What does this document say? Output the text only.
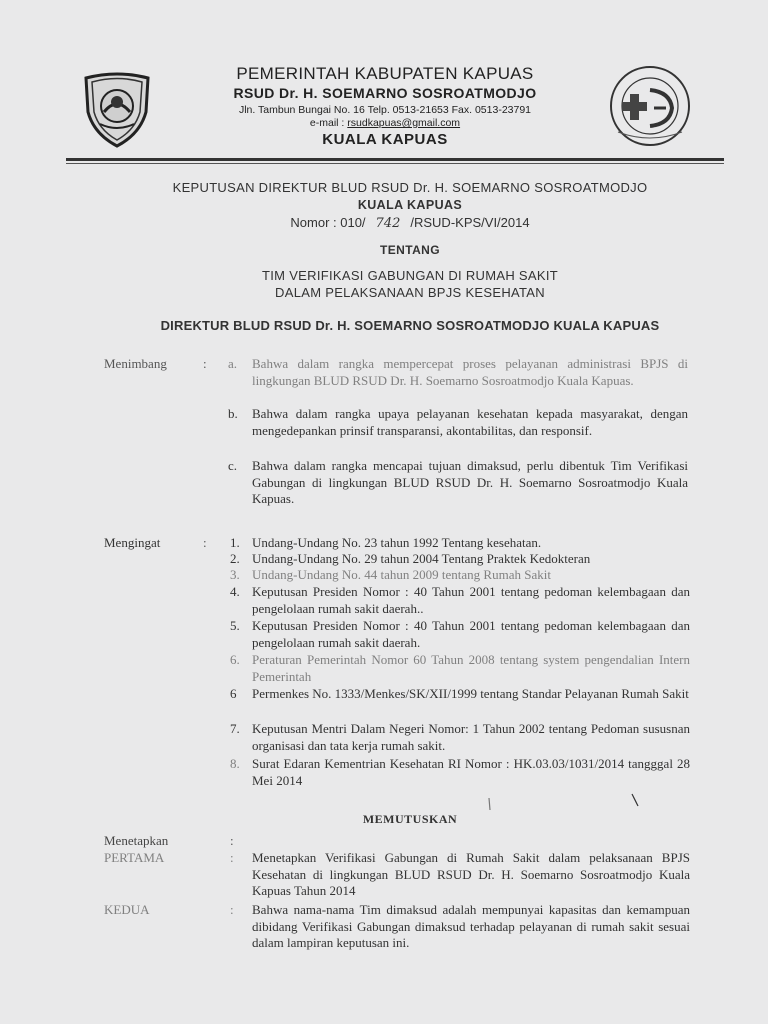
PEMERINTAH KABUPATEN KAPUAS
RSUD Dr. H. SOEMARNO SOSROATMODJO
Jln. Tambun Bungai No. 16 Telp. 0513-21653 Fax. 0513-23791
e-mail : rsudkapuas@gmail.com
KUALA KAPUAS
KEPUTUSAN DIREKTUR BLUD RSUD Dr. H. SOEMARNO SOSROATMODJO
KUALA KAPUAS
Nomor : 010/ 742 /RSUD-KPS/VI/2014
TENTANG
TIM VERIFIKASI GABUNGAN DI RUMAH SAKIT
DALAM PELAKSANAAN BPJS KESEHATAN
DIREKTUR BLUD RSUD Dr. H. SOEMARNO SOSROATMODJO KUALA KAPUAS
Menimbang	: a. Bahwa dalam rangka mempercepat proses pelayanan administrasi BPJS di lingkungan BLUD RSUD Dr. H. Soemarno Sosroatmodjo Kuala Kapuas.
b. Bahwa dalam rangka upaya pelayanan kesehatan kepada masyarakat, dengan mengedepankan prinsif transparansi, akontabilitas, dan responsif.
c. Bahwa dalam rangka mencapai tujuan dimaksud, perlu dibentuk Tim Verifikasi Gabungan di lingkungan BLUD RSUD Dr. H. Soemarno Sosroatmodjo Kuala Kapuas.
Mengingat	: 1. Undang-Undang No. 23 tahun 1992 Tentang kesehatan.
2. Undang-Undang No. 29 tahun 2004 Tentang Praktek Kedokteran
3. Undang-Undang No. 44 tahun 2009 tentang Rumah Sakit
4. Keputusan Presiden Nomor : 40 Tahun 2001 tentang pedoman kelembagaan dan pengelolaan rumah sakit daerah..
5. Keputusan Presiden Nomor : 40 Tahun 2001 tentang pedoman kelembagaan dan pengelolaan rumah sakit daerah.
6. Peraturan Pemerintah Nomor 60 Tahun 2008 tentang system pengendalian Intern Pemerintah
6 Permenkes No. 1333/Menkes/SK/XII/1999 tentang Standar Pelayanan Rumah Sakit
7. Keputusan Mentri Dalam Negeri Nomor: 1 Tahun 2002 tentang Pedoman sususnan organisasi dan tata kerja rumah sakit.
8. Surat Edaran Kementrian Kesehatan RI Nomor : HK.03.03/1031/2014 tangggal 28 Mei 2014
MEMUTUSKAN
Menetapkan	:
PERTAMA	: Menetapkan Verifikasi Gabungan di Rumah Sakit dalam pelaksanaan BPJS Kesehatan di lingkungan BLUD RSUD Dr. H. Soemarno Sosroatmodjo Kuala Kapuas Tahun 2014
KEDUA	: Bahwa nama-nama Tim dimaksud adalah mempunyai kapasitas dan kemampuan dibidang Verifikasi Gabungan dimaksud terhadap pelayanan di rumah sakit sesuai dalam lampiran keputusan ini.
